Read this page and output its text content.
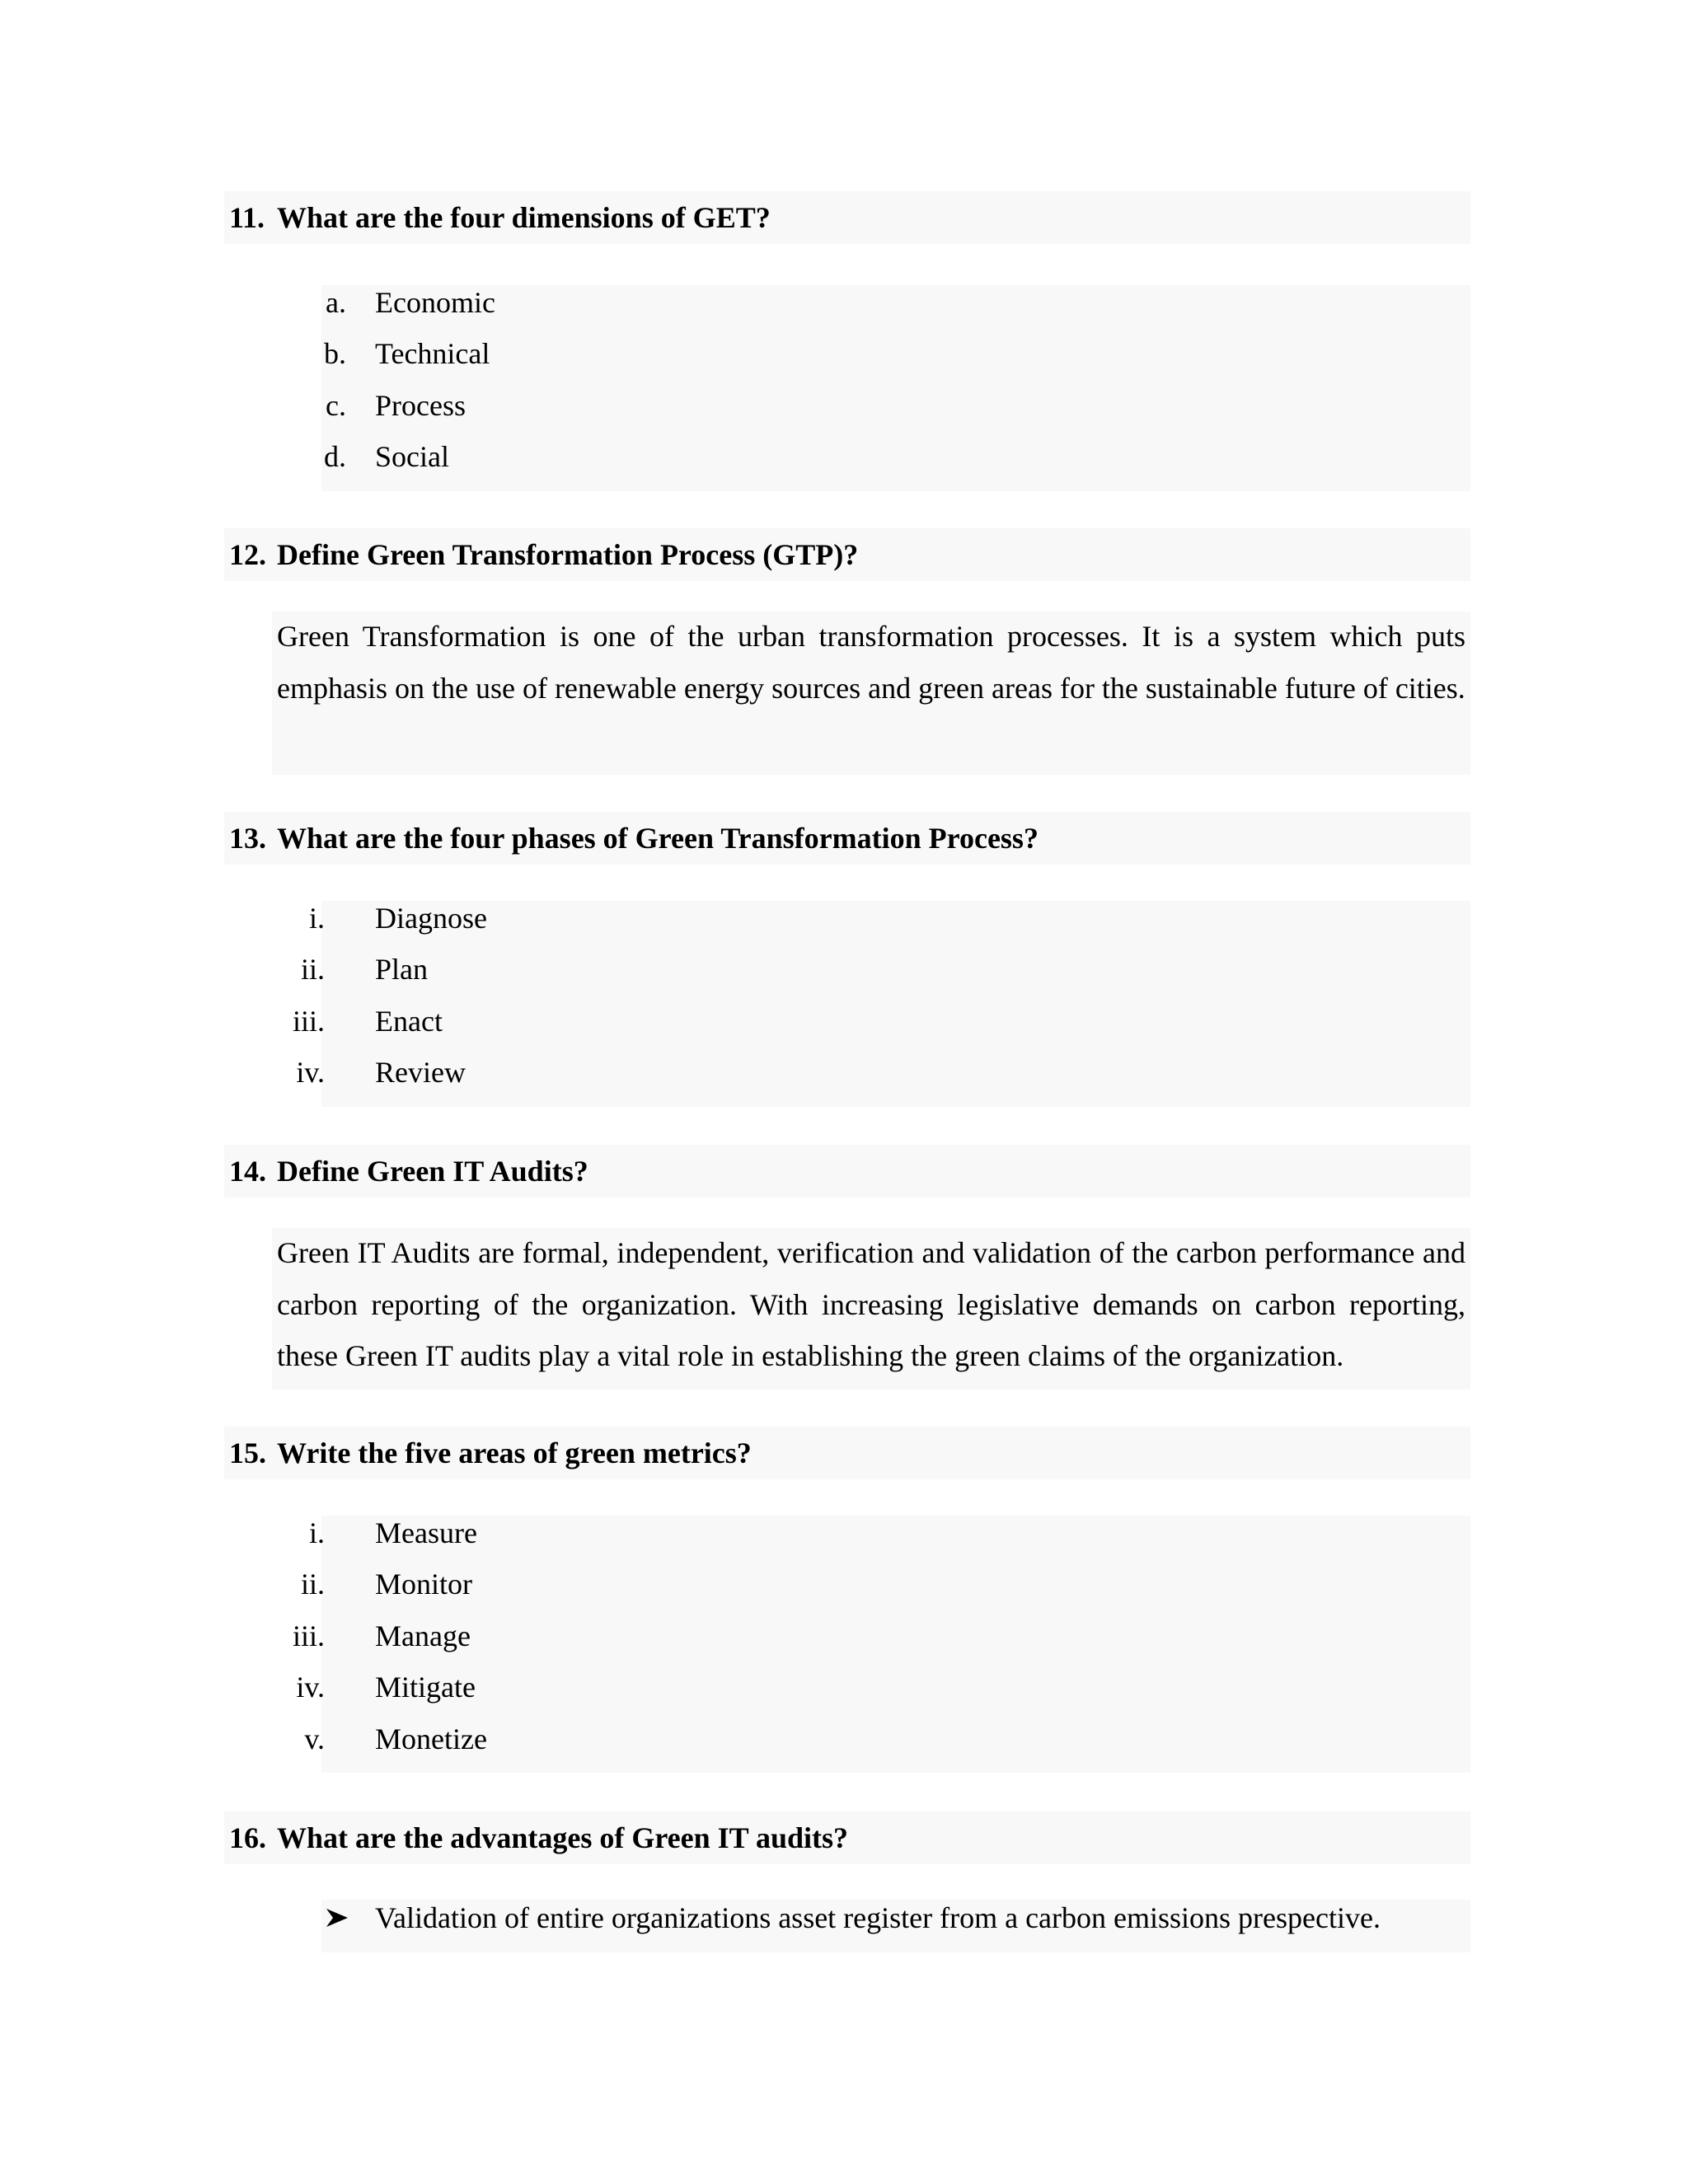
11. What are the four dimensions of GET?
a. Economic
b. Technical
c. Process
d. Social
12. Define Green Transformation Process (GTP)?
Green Transformation is one of the urban transformation processes. It is a system which puts emphasis on the use of renewable energy sources and green areas for the sustainable future of cities.
13. What are the four phases of Green Transformation Process?
i. Diagnose
ii. Plan
iii. Enact
iv. Review
14. Define Green IT Audits?
Green IT Audits are formal, independent, verification and validation of the carbon performance and carbon reporting of the organization. With increasing legislative demands on carbon reporting, these Green IT audits play a vital role in establishing the green claims of the organization.
15. Write the five areas of green metrics?
i. Measure
ii. Monitor
iii. Manage
iv. Mitigate
v. Monetize
16. What are the advantages of Green IT audits?
Validation of entire organizations asset register from a carbon emissions prespective.
